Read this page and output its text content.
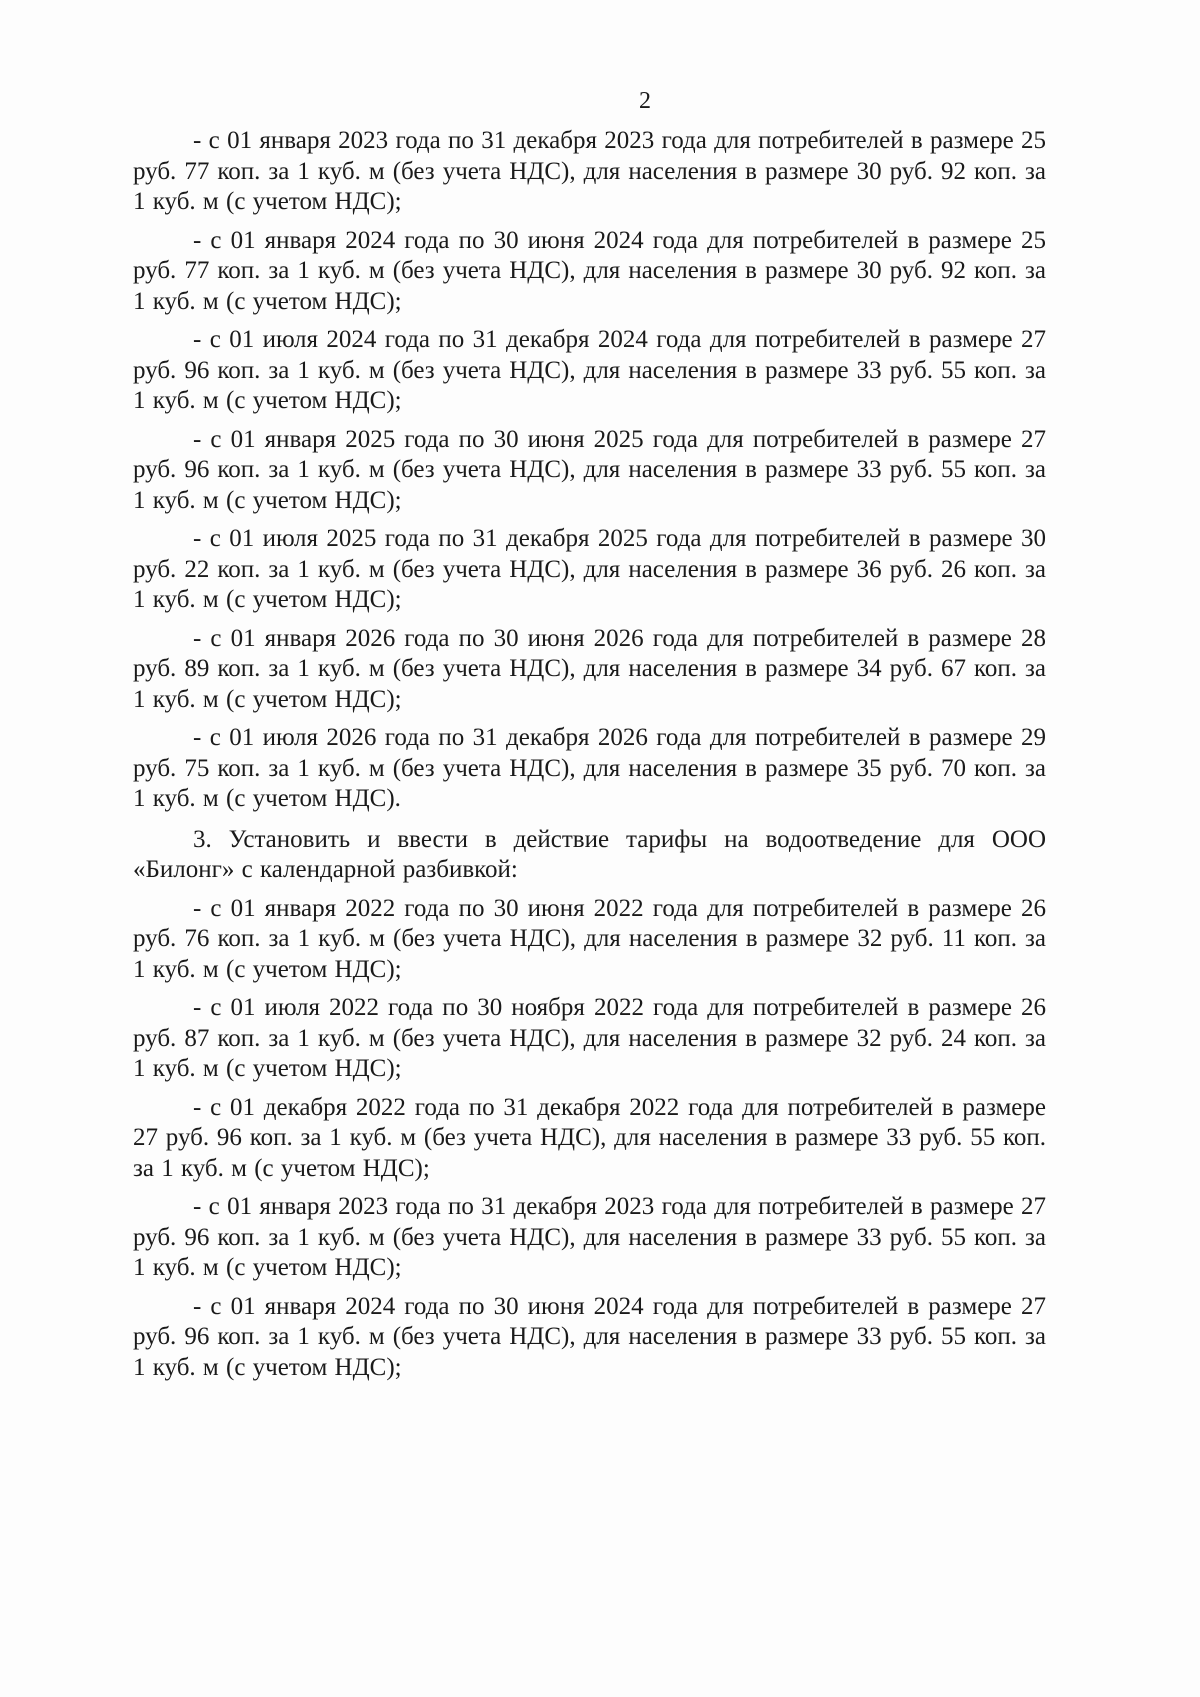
2

- с 01 января 2023 года по 31 декабря 2023 года для потребителей в размере 25 руб. 77 коп. за 1 куб. м (без учета НДС), для населения в размере 30 руб. 92 коп. за 1 куб. м (с учетом НДС);

- с 01 января 2024 года по 30 июня 2024 года для потребителей в размере 25 руб. 77 коп. за 1 куб. м (без учета НДС), для населения в размере 30 руб. 92 коп. за 1 куб. м (с учетом НДС);

- с 01 июля 2024 года по 31 декабря 2024 года для потребителей в размере 27 руб. 96 коп. за 1 куб. м (без учета НДС), для населения в размере 33 руб. 55 коп. за 1 куб. м (с учетом НДС);

- с 01 января 2025 года по 30 июня 2025 года для потребителей в размере 27 руб. 96 коп. за 1 куб. м (без учета НДС), для населения в размере 33 руб. 55 коп. за 1 куб. м (с учетом НДС);

- с 01 июля 2025 года по 31 декабря 2025 года для потребителей в размере 30 руб. 22 коп. за 1 куб. м (без учета НДС), для населения в размере 36 руб. 26 коп. за 1 куб. м (с учетом НДС);

- с 01 января 2026 года по 30 июня 2026 года для потребителей в размере 28 руб. 89 коп. за 1 куб. м (без учета НДС), для населения в размере 34 руб. 67 коп. за 1 куб. м (с учетом НДС);

- с 01 июля 2026 года по 31 декабря 2026 года для потребителей в размере 29 руб. 75 коп. за 1 куб. м (без учета НДС), для населения в размере 35 руб. 70 коп. за 1 куб. м (с учетом НДС).

3. Установить и ввести в действие тарифы на водоотведение для ООО «Билонг» с календарной разбивкой:

- с 01 января 2022 года по 30 июня 2022 года для потребителей в размере 26 руб. 76 коп. за 1 куб. м (без учета НДС), для населения в размере 32 руб. 11 коп. за 1 куб. м (с учетом НДС);

- с 01 июля 2022 года по 30 ноября 2022 года для потребителей в размере 26 руб. 87 коп. за 1 куб. м (без учета НДС), для населения в размере 32 руб. 24 коп. за 1 куб. м (с учетом НДС);

- с 01 декабря 2022 года по 31 декабря 2022 года для потребителей в размере 27 руб. 96 коп. за 1 куб. м (без учета НДС), для населения в размере 33 руб. 55 коп. за 1 куб. м (с учетом НДС);

- с 01 января 2023 года по 31 декабря 2023 года для потребителей в размере 27 руб. 96 коп. за 1 куб. м (без учета НДС), для населения в размере 33 руб. 55 коп. за 1 куб. м (с учетом НДС);

- с 01 января 2024 года по 30 июня 2024 года для потребителей в размере 27 руб. 96 коп. за 1 куб. м (без учета НДС), для населения в размере 33 руб. 55 коп. за 1 куб. м (с учетом НДС);
